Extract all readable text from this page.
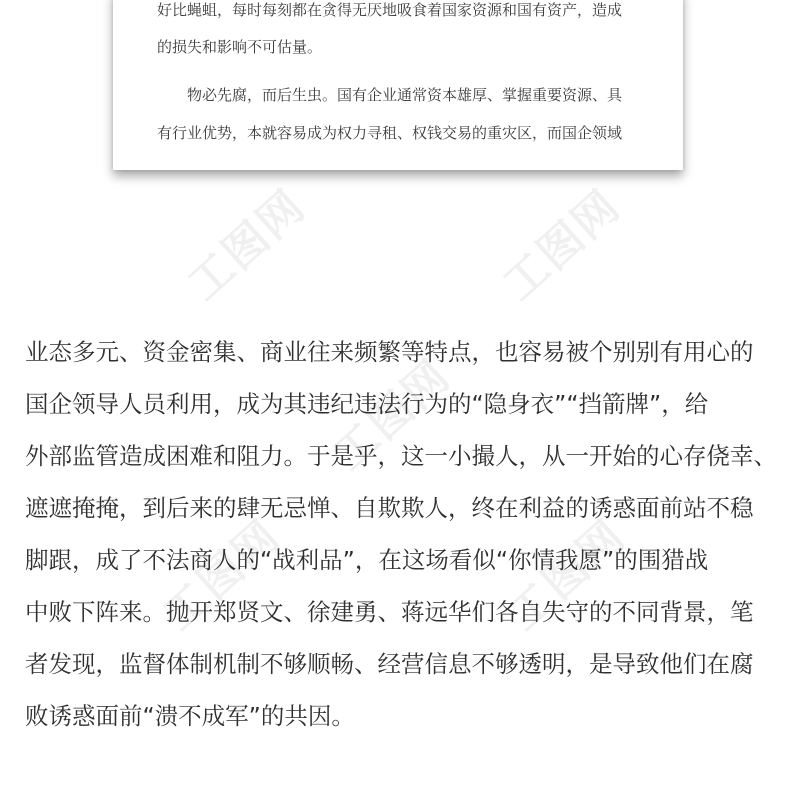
好比蝇蛆，每时每刻都在贪得无厌地吸食着国家资源和国有资产，造成

的损失和影响不可估量。

　　物必先腐，而后生虫。国有企业通常资本雄厚、掌握重要资源、具

有行业优势，本就容易成为权力寻租、权钱交易的重灾区，而国企领域

工图网	工图网
工图网
工图网	工图网
业态多元、资金密集、商业往来频繁等特点，也容易被个别别有用心的
国企领导人员利用，成为其违纪违法行为的“隐身衣”“挡箭牌”，给
外部监管造成困难和阻力。于是乎，这一小撮人，从一开始的心存侥幸、
遮遮掩掩，到后来的肆无忌惮、自欺欺人，终在利益的诱惑面前站不稳
脚跟，成了不法商人的“战利品”，在这场看似“你情我愿”的围猎战
中败下阵来。抛开郑贤文、徐建勇、蒋远华们各自失守的不同背景，笔
者发现，监督体制机制不够顺畅、经营信息不够透明，是导致他们在腐
败诱惑面前“溃不成军”的共因。
